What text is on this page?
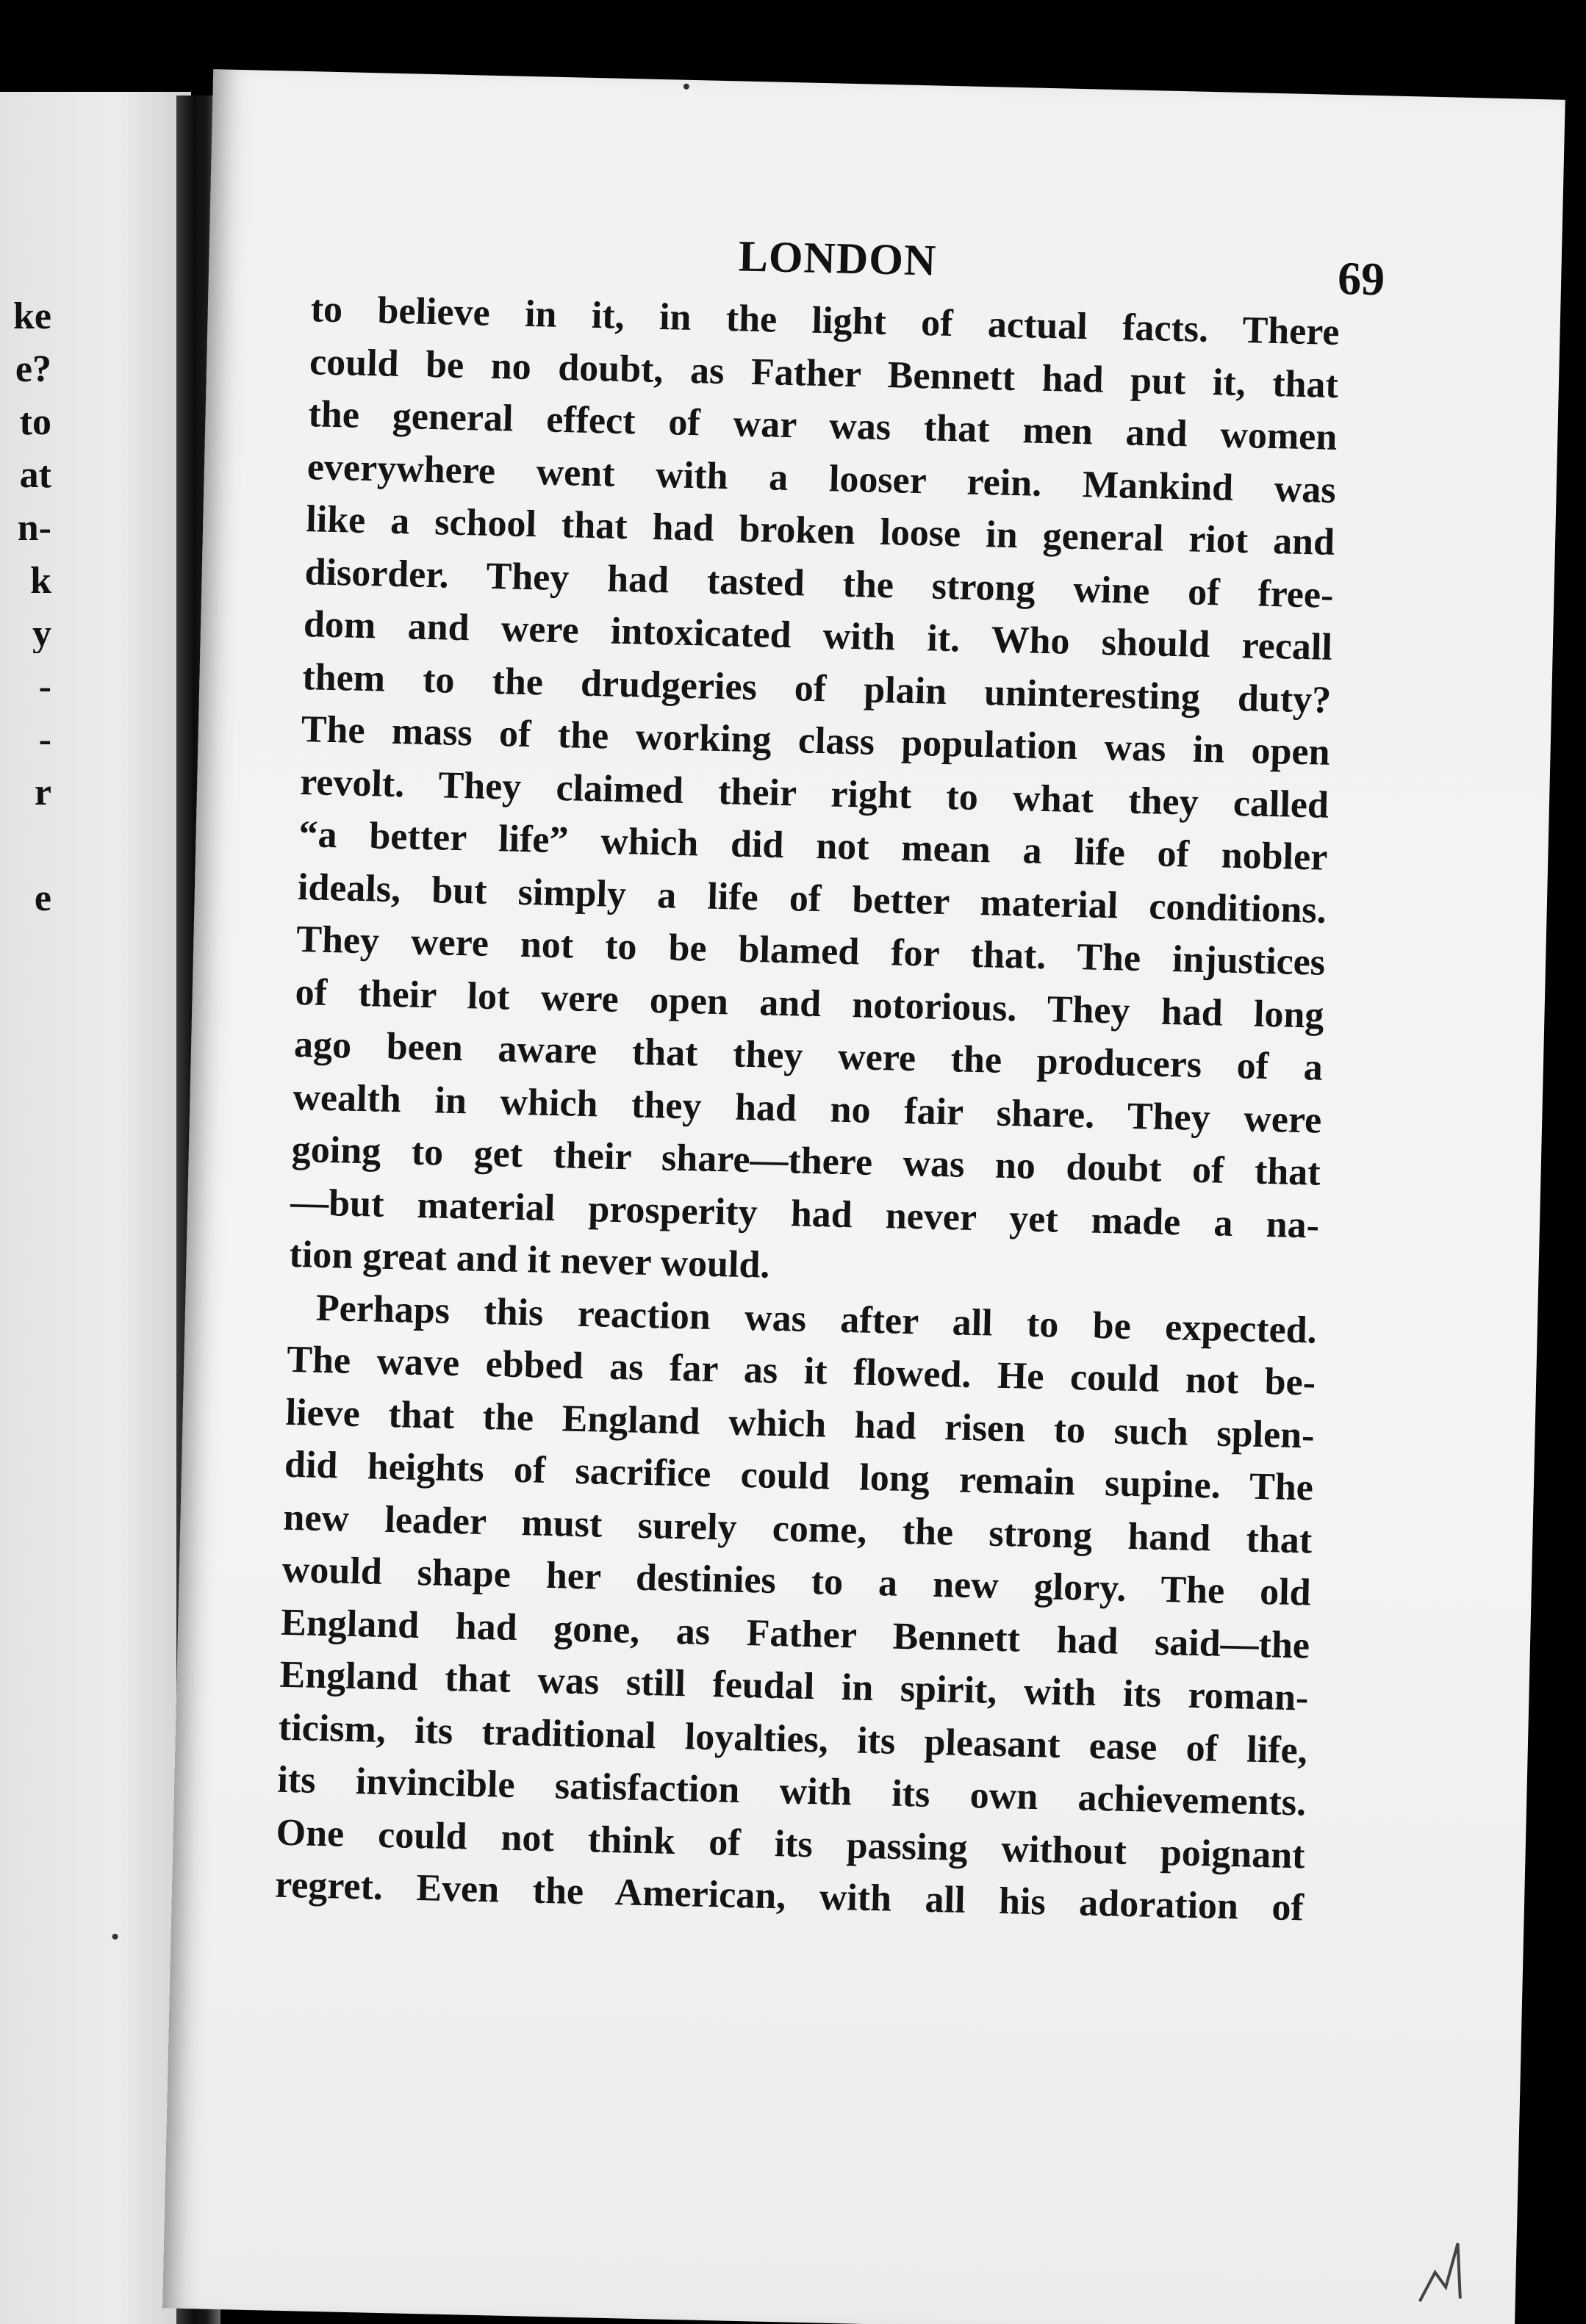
ke
e?
to
at
n-
k
y
-
-
r
e
LONDON	69
to believe in it, in the light of actual facts. There
could be no doubt, as Father Bennett had put it, that
the general effect of war was that men and women
everywhere went with a looser rein. Mankind was
like a school that had broken loose in general riot and
disorder. They had tasted the strong wine of free-
dom and were intoxicated with it. Who should recall
them to the drudgeries of plain uninteresting duty?
The mass of the working class population was in open
revolt. They claimed their right to what they called
“a better life” which did not mean a life of nobler
ideals, but simply a life of better material conditions.
They were not to be blamed for that. The injustices
of their lot were open and notorious. They had long
ago been aware that they were the producers of a
wealth in which they had no fair share. They were
going to get their share—there was no doubt of that
—but material prosperity had never yet made a na-
tion great and it never would.
Perhaps this reaction was after all to be expected.
The wave ebbed as far as it flowed. He could not be-
lieve that the England which had risen to such splen-
did heights of sacrifice could long remain supine. The
new leader must surely come, the strong hand that
would shape her destinies to a new glory. The old
England had gone, as Father Bennett had said—the
England that was still feudal in spirit, with its roman-
ticism, its traditional loyalties, its pleasant ease of life,
its invincible satisfaction with its own achievements.
One could not think of its passing without poignant
regret. Even the American, with all his adoration of
